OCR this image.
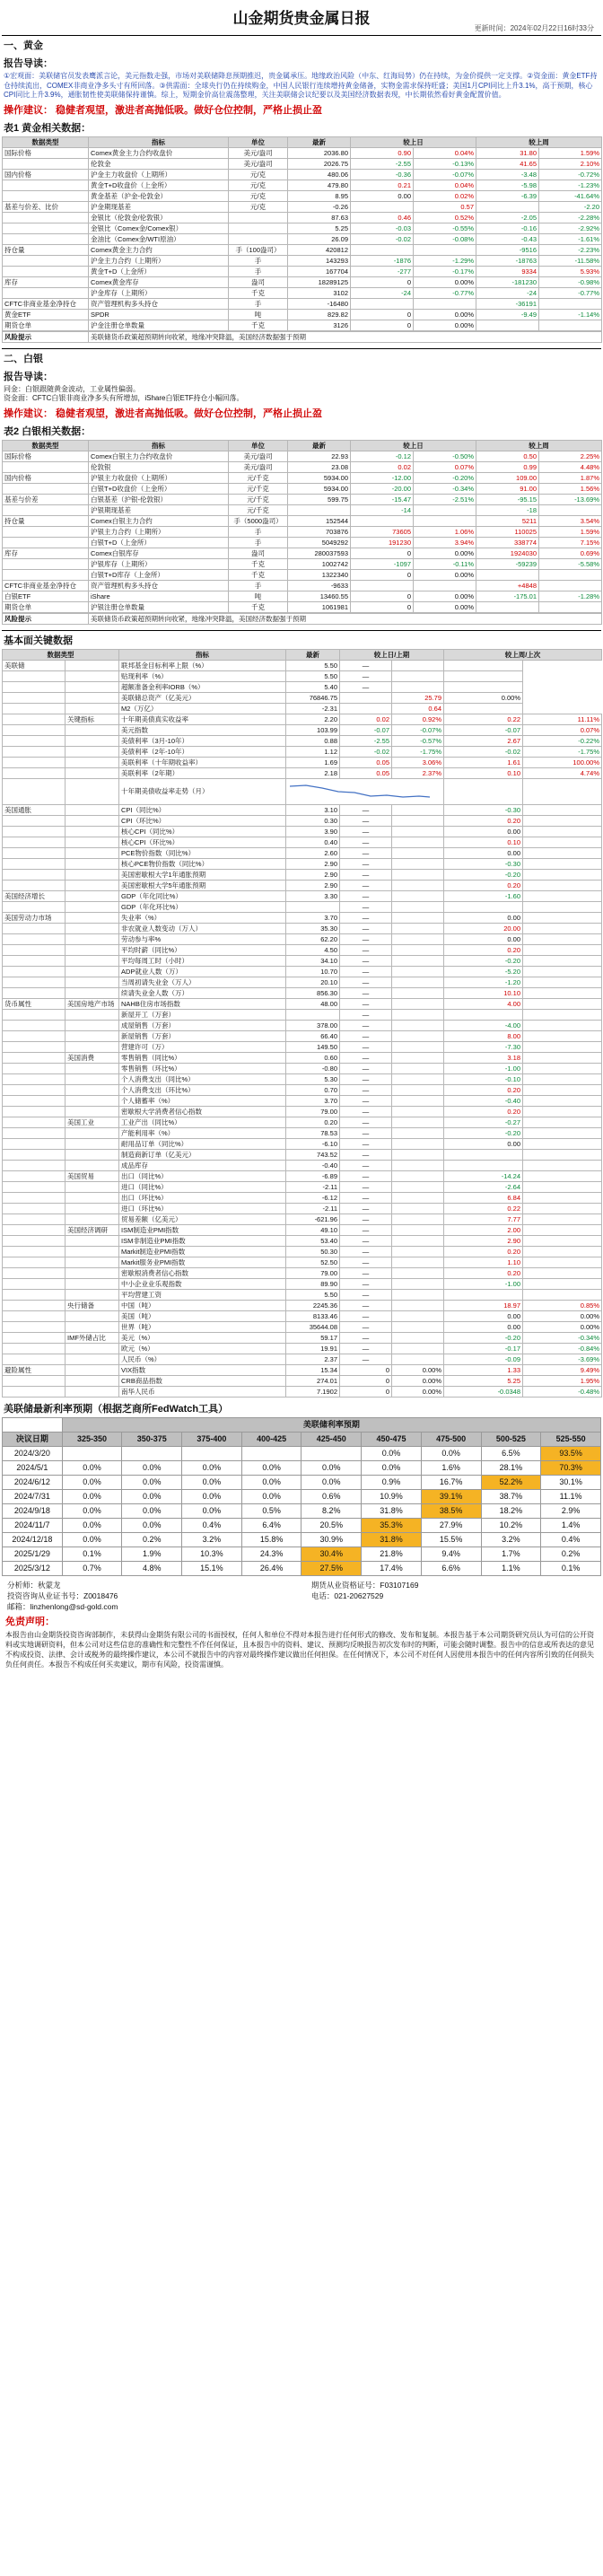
山金期货贵金属日报
更新时间：2024年02月22日16时33分
一、黄金
报告导读：
①宏观面：美联储官员发表鹰派言论，美元指数走强，市场对美联储降息预期推迟，贵金属承压。地缘政治风险（中东、红海局势）仍在持续，为金价提供一定支撑。②资金面：黄金ETF持仓持续流出，COMEX非商业净多头寸有所回落。③供需面：全球央行仍在持续购金，中国人民银行连续增持黄金储备，实物金需求保持旺盛；美国1月CPI同比上升3.1%，高于预期，核心CPI同比上升3.9%，通胀韧性使美联储保持谨慎。综上，短期金价高位震荡整理，关注美联储会议纪要以及美国经济数据表现，中长期依然看好黄金配置价值。
操作建议： 稳健者观望，激进者高抛低吸。做好仓位控制，严格止损止盈
表1 黄金相关数据：
数据类型	指标	单位	最新	较上日		较上周	
国际价格	Comex黄金主力合约收盘价	美元/盎司	2036.80	0.90	0.04%	31.80	1.59%
	伦敦金	美元/盎司	2026.75	-2.55	-0.13%	41.65	2.10%
国内价格	沪金主力收盘价（上期所）	元/克	480.06	-0.36	-0.07%	-3.48	-0.72%
	黄金T+D收盘价（上金所）	元/克	479.80	0.21	0.04%	-5.98	-1.23%
	黄金基差（沪金-伦敦金）	元/克	8.95	0.00	0.02%	-6.39	-41.64%
基差与价差、比价	沪金期现基差	元/克	-0.26		0.57		-2.20
	金银比（伦敦金/伦敦银）		87.63	0.46	0.52%	-2.05	-2.28%
	金银比（Comex金/Comex银）		5.25	-0.03	-0.55%	-0.16	-2.92%
	金油比（Comex金/WTI原油）		26.09	-0.02	-0.08%	-0.43	-1.61%
持仓量	Comex黄金主力合约	手（100盎司）	420812			-9516	-2.23%
	沪金主力合约（上期所）	手	143293	-1876	-1.29%	-18763	-11.58%
	黄金T+D（上金所）	手	167704	-277	-0.17%	9334	5.93%
库存	Comex黄金库存	盎司	18289125	0	0.00%	-181230	-0.98%
	沪金库存（上期所）	千克	3102	-24	-0.77%	-24	-0.77%
CFTC非商业基金净持仓	资产管理机构多头持仓	手	-16480			-36191	
黄金ETF	SPDR	吨	829.82	0	0.00%	-9.49	-1.14%
期货仓单	沪金注册仓单数量	千克	3126	0	0.00%		
风险提示	美联储货币政策超预期转向收紧，地缘冲突降温，美国经济数据强于预期
二、白银
报告导读：
同金：白银跟随黄金波动，工业属性偏弱。
资金面：CFTC白银非商业净多头有所增加，iShare白银ETF持仓小幅回落。
操作建议： 稳健者观望，激进者高抛低吸。做好仓位控制，严格止损止盈
表2 白银相关数据：
数据类型	指标	单位	最新	较上日		较上周	
国际价格	Comex白银主力合约收盘价	美元/盎司	22.93	-0.12	-0.50%	0.50	2.25%
	伦敦银	美元/盎司	23.08	0.02	0.07%	0.99	4.48%
国内价格	沪银主力收盘价（上期所）	元/千克	5934.00	-12.00	-0.20%	109.00	1.87%
	白银T+D收盘价（上金所）	元/千克	5934.00	-20.00	-0.34%	91.00	1.56%
基差与价差	白银基差（沪银-伦敦银）	元/千克	599.75	-15.47	-2.51%	-95.15	-13.69%
	沪银期现基差	元/千克		-14		-18	
持仓量	Comex白银主力合约	手（5000盎司）	152544			5211	3.54%
	沪银主力合约（上期所）	手	703876	73605	1.06%	110025	1.59%
	白银T+D（上金所）	手	5049292	191230	3.94%	338774	7.15%
库存	Comex白银库存	盎司	280037593	0	0.00%	1924030	0.69%
	沪银库存（上期所）	千克	1002742	-1097	-0.11%	-59239	-5.58%
	白银T+D库存（上金所）	千克	1322340	0	0.00%		
CFTC非商业基金净持仓	资产管理机构多头持仓	手	-9633			+4848	
白银ETF	iShare	吨	13460.55	0	0.00%	-175.01	-1.28%
期货仓单	沪银注册仓单数量	千克	1061981	0	0.00%		
风险提示	美联储货币政策超预期转向收紧，地缘冲突降温，美国经济数据强于预期
基本面关键数据
数据类型		指标	最新	较上日/上期		较上周/上次	
美联储		联邦基金目标利率上限（%）	5.50	—			
		贴现利率（%）	5.50	—			
		超额准备金利率IORB（%）	5.40	—			
		美联储总资产（亿美元）	76846.75		25.79	0.00%	
		M2（万亿）	-2.31		0.64		
	关键指标	十年期美债真实收益率	2.20	0.02	0.92%	0.22	11.11%
		美元指数	103.99	-0.07	-0.07%	-0.07	0.07%
		美债利率（3月-10年）	0.88	-2.55	-0.57%	2.67	-0.22%
		美债利率（2年-10年）	1.12	-0.02	-1.75%	-0.02	-1.75%
		美联利率（十年期收益率）	1.69	0.05	3.06%	1.61	100.00%
		美联利率（2年期）	2.18	0.05	2.37%	0.10	4.74%
		十年期美债收益率走势（月）	

美国通胀		CPI（同比%）	3.10	—		-0.30	
		CPI（环比%）	0.30	—		0.20	
		核心CPI（同比%）	3.90	—		0.00	
		核心CPI（环比%）	0.40	—		0.10	
		PCE物价指数（同比%）	2.60	—		0.00	
		核心PCE物价指数（同比%）	2.90	—		-0.30	
		美国密歇根大学1年通胀预期	2.90	—		-0.20	
		美国密歇根大学5年通胀预期	2.90	—		0.20	
美国经济增长		GDP（年化同比%）	3.30	—		-1.60	
		GDP（年化环比%）		—			
美国劳动力市场		失业率（%）	3.70	—		0.00	
		非农就业人数变动（万人）	35.30	—		20.00	
		劳动参与率%	62.20	—		0.00	
		平均时薪（同比%）	4.50	—		0.20	
		平均每周工时（小时）	34.10	—		-0.20	
		ADP就业人数（万）	10.70	—		-5.20	
		当周初请失业金（万人）	20.10	—		-1.20	
		续请失业金人数（万）	856.30	—		10.10	
货币属性	美国房地产市场	NAHB住房市场指数	48.00	—		4.00	
		新屋开工（万套）		—			
		成屋销售（万套）	378.00	—		-4.00	
		新屋销售（万套）	66.40	—		8.00	
		营建许可（万）	149.50	—		-7.30	
	美国消费	零售销售（同比%）	0.60	—		3.18	
		零售销售（环比%）	-0.80	—		-1.00	
		个人消费支出（同比%）	5.30	—		-0.10	
		个人消费支出（环比%）	0.70	—		0.20	
		个人储蓄率（%）	3.70	—		-0.40	
		密歇根大学消费者信心指数	79.00	—		0.20	
	美国工业	工业产出（同比%）	0.20	—		-0.27	
		产能利用率（%）	78.53	—		-0.20	
		耐用品订单（同比%）	-6.10	—		0.00	
		制造商新订单（亿美元）	743.52	—			
		成品库存	-0.40	—			
	美国贸易	出口（同比%）	-6.89	—		-14.24	
		进口（同比%）	-2.11	—		-2.64	
		出口（环比%）	-6.12	—		6.84	
		进口（环比%）	-2.11	—		0.22	
		贸易差额（亿美元）	-621.96	—		7.77	
	美国经济调研	ISM制造业PMI指数	49.10	—		2.00	
		ISM非制造业PMI指数	53.40	—		2.90	
		Markit制造业PMI指数	50.30	—		0.20	
		Markit服务业PMI指数	52.50	—		1.10	
		密歇根消费者信心指数	79.00	—		0.20	
		中小企业业乐观指数	89.90	—		-1.00	
		平均营建工资	5.50	—			
	央行储备	中国（吨）	2245.36	—		18.97	0.85%
		美国（吨）	8133.46	—		0.00	0.00%
		世界（吨）	35644.08	—		0.00	0.00%
	IMF外储占比	美元（%）	59.17	—		-0.20	-0.34%
		欧元（%）	19.91	—		-0.17	-0.84%
		人民币（%）	2.37	—		-0.09	-3.69%
避险属性		VIX指数	15.34	0	0.00%	1.33	9.49%
		CRB商品指数	274.01	0	0.00%	5.25	1.95%
		南华人民币	7.1902	0	0.00%	-0.0348	-0.48%
美联储最新利率预期（根据芝商所FedWatch工具）
	美联储利率预期								
决议日期	325-350	350-375	375-400	400-425	425-450	450-475	475-500	500-525	525-550
2024/3/20						0.0%	0.0%	6.5%	93.5%
2024/5/1	0.0%	0.0%	0.0%	0.0%	0.0%	0.0%	1.6%	28.1%	70.3%
2024/6/12	0.0%	0.0%	0.0%	0.0%	0.0%	0.9%	16.7%	52.2%	30.1%
2024/7/31	0.0%	0.0%	0.0%	0.0%	0.6%	10.9%	39.1%	38.7%	11.1%
2024/9/18	0.0%	0.0%	0.0%	0.5%	8.2%	31.8%	38.5%	18.2%	2.9%
2024/11/7	0.0%	0.0%	0.4%	6.4%	20.5%	35.3%	27.9%	10.2%	1.4%
2024/12/18	0.0%	0.2%	3.2%	15.8%	30.9%	31.8%	15.5%	3.2%	0.4%
2025/1/29	0.1%	1.9%	10.3%	24.3%	30.4%	21.8%	9.4%	1.7%	0.2%
2025/3/12	0.7%	4.8%	15.1%	26.4%	27.5%	17.4%	6.6%	1.1%	0.1%
分析师：秋蒙龙	期货从业资格证号：F03107169
投资咨询从业证书号：Z0018476	电话：021-20627529
邮箱：linzhenlong@sd-gold.com	
免责声明：
本报告由山金期货投资咨询部制作，未获得山金期货有限公司的书面授权，任何人和单位不得对本报告进行任何形式的修改、发布和复制。本报告基于本公司期货研究员认为可信的公开资料或实地调研资料，但本公司对这些信息的准确性和完整性不作任何保证，且本报告中的资料、建议、预测均反映报告初次发布时的判断，可能会随时调整。报告中的信息或所表达的意见不构成投资、法律、会计或税务的最终操作建议，本公司不就报告中的内容对最终操作建议做出任何担保。在任何情况下，本公司不对任何人因使用本报告中的任何内容所引致的任何损失负任何责任。本报告不构成任何买卖建议，期市有风险，投资需谨慎。
